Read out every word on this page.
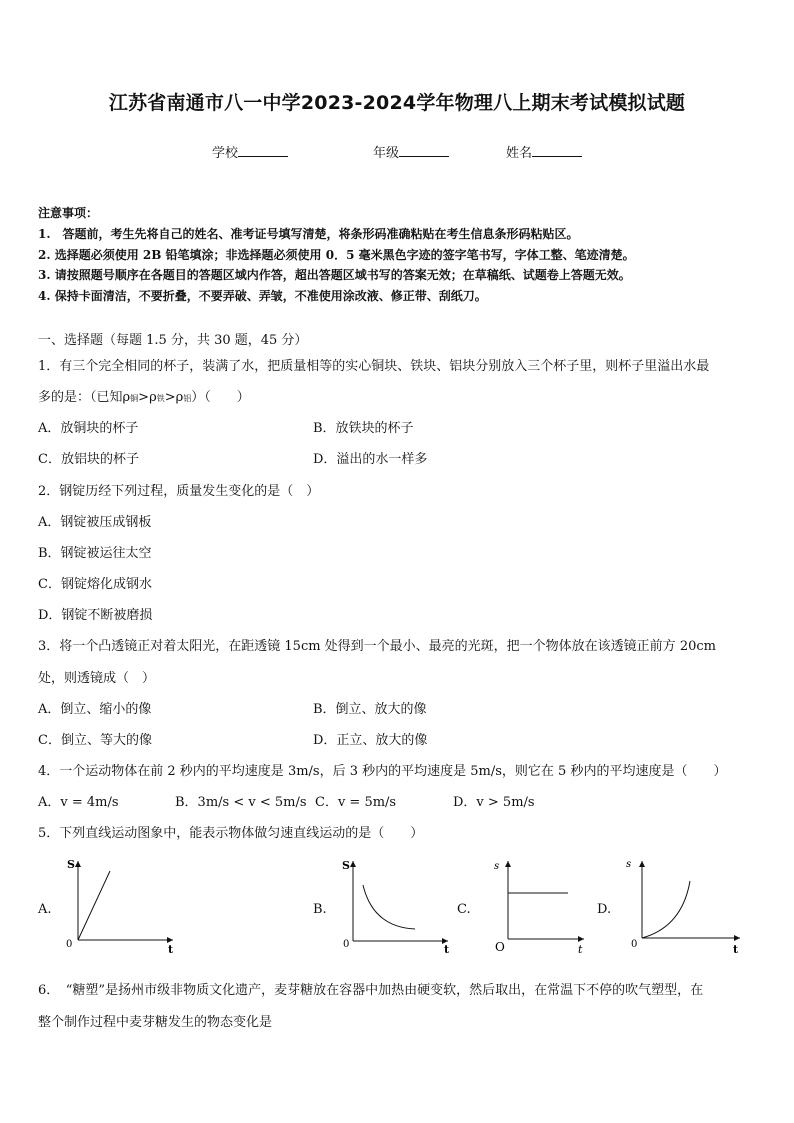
江苏省南通市八一中学2023-2024学年物理八上期末考试模拟试题
学校	年级	姓名
注意事项：
1.　答题前，考生先将自己的姓名、准考证号填写清楚，将条形码准确粘贴在考生信息条形码粘贴区。
2. 选择题必须使用 2B 铅笔填涂；非选择题必须使用 0．5 毫米黑色字迹的签字笔书写，字体工整、笔迹清楚。
3. 请按照题号顺序在各题目的答题区域内作答，超出答题区域书写的答案无效；在草稿纸、试题卷上答题无效。
4. 保持卡面清洁，不要折叠，不要弄破、弄皱，不准使用涂改液、修正带、刮纸刀。
一、选择题（每题 1.5 分，共 30 题，45 分）
1．有三个完全相同的杯子，装满了水，把质量相等的实心铜块、铁块、铝块分别放入三个杯子里，则杯子里溢出水最
多的是：（已知ρ铜>ρ铁>ρ铝）（　　）
A．放铜块的杯子	B．放铁块的杯子
C．放铝块的杯子	D．溢出的水一样多
2．钢锭历经下列过程，质量发生变化的是（　）
A．钢锭被压成钢板
B．钢锭被运往太空
C．钢锭熔化成钢水
D．钢锭不断被磨损
3．将一个凸透镜正对着太阳光，在距透镜 15cm 处得到一个最小、最亮的光斑，把一个物体放在该透镜正前方 20cm
处，则透镜成（　）
A．倒立、缩小的像	B．倒立、放大的像
C．倒立、等大的像	D．正立、放大的像
4．一个运动物体在前 2 秒内的平均速度是 3m/s，后 3 秒内的平均速度是 5m/s，则它在 5 秒内的平均速度是（　　）
A．v = 4m/s	B．3m/s < v < 5m/s C．v = 5m/s	D．v > 5m/s
5．下列直线运动图象中，能表示物体做匀速直线运动的是（　　）
A.
S
0	t
B.
S
0	t
C.
s
O	t
D.
s
0	t
6．　“糖塑”是扬州市级非物质文化遗产，麦芽糖放在容器中加热由硬变软，然后取出，在常温下不停的吹气塑型，在
整个制作过程中麦芽糖发生的物态变化是
